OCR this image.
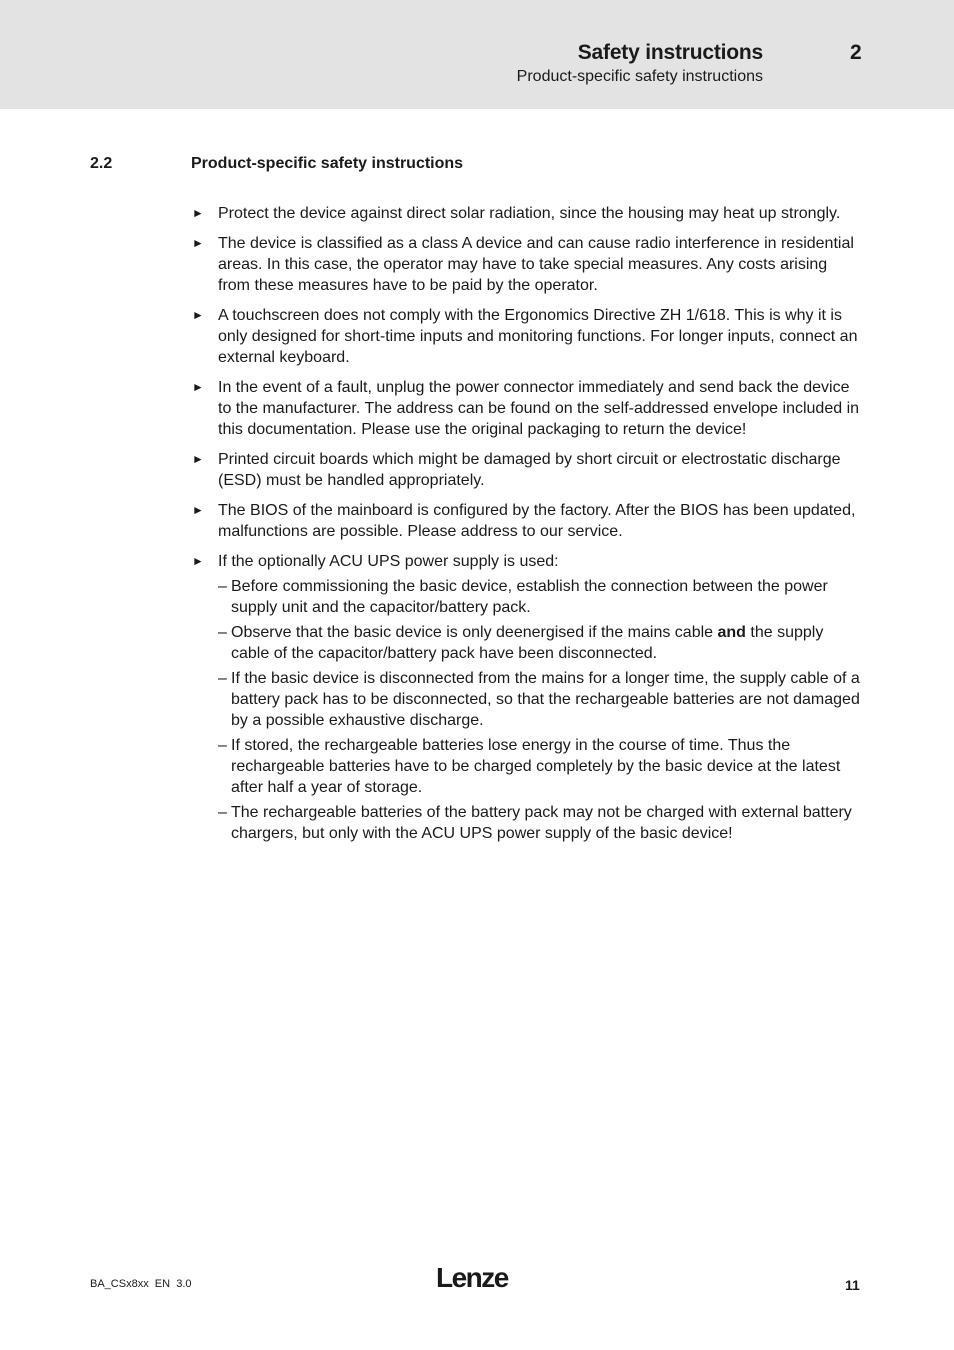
Safety instructions	2
Product-specific safety instructions
2.2	Product-specific safety instructions
► Protect the device against direct solar radiation, since the housing may heat up strongly.
► The device is classified as a class A device and can cause radio interference in residential areas. In this case, the operator may have to take special measures. Any costs arising from these measures have to be paid by the operator.
► A touchscreen does not comply with the Ergonomics Directive ZH 1/618. This is why it is only designed for short-time inputs and monitoring functions. For longer inputs, connect an external keyboard.
► In the event of a fault, unplug the power connector immediately and send back the device to the manufacturer. The address can be found on the self-addressed envelope included in this documentation. Please use the original packaging to return the device!
► Printed circuit boards which might be damaged by short circuit or electrostatic discharge (ESD) must be handled appropriately.
► The BIOS of the mainboard is configured by the factory. After the BIOS has been updated, malfunctions are possible. Please address to our service.
► If the optionally ACU UPS power supply is used:
– Before commissioning the basic device, establish the connection between the power supply unit and the capacitor/battery pack.
– Observe that the basic device is only deenergised if the mains cable and the supply cable of the capacitor/battery pack have been disconnected.
– If the basic device is disconnected from the mains for a longer time, the supply cable of a battery pack has to be disconnected, so that the rechargeable batteries are not damaged by a possible exhaustive discharge.
– If stored, the rechargeable batteries lose energy in the course of time. Thus the rechargeable batteries have to be charged completely by the basic device at the latest after half a year of storage.
– The rechargeable batteries of the battery pack may not be charged with external battery chargers, but only with the ACU UPS power supply of the basic device!
BA_CSx8xx  EN  3.0	Lenze	11
